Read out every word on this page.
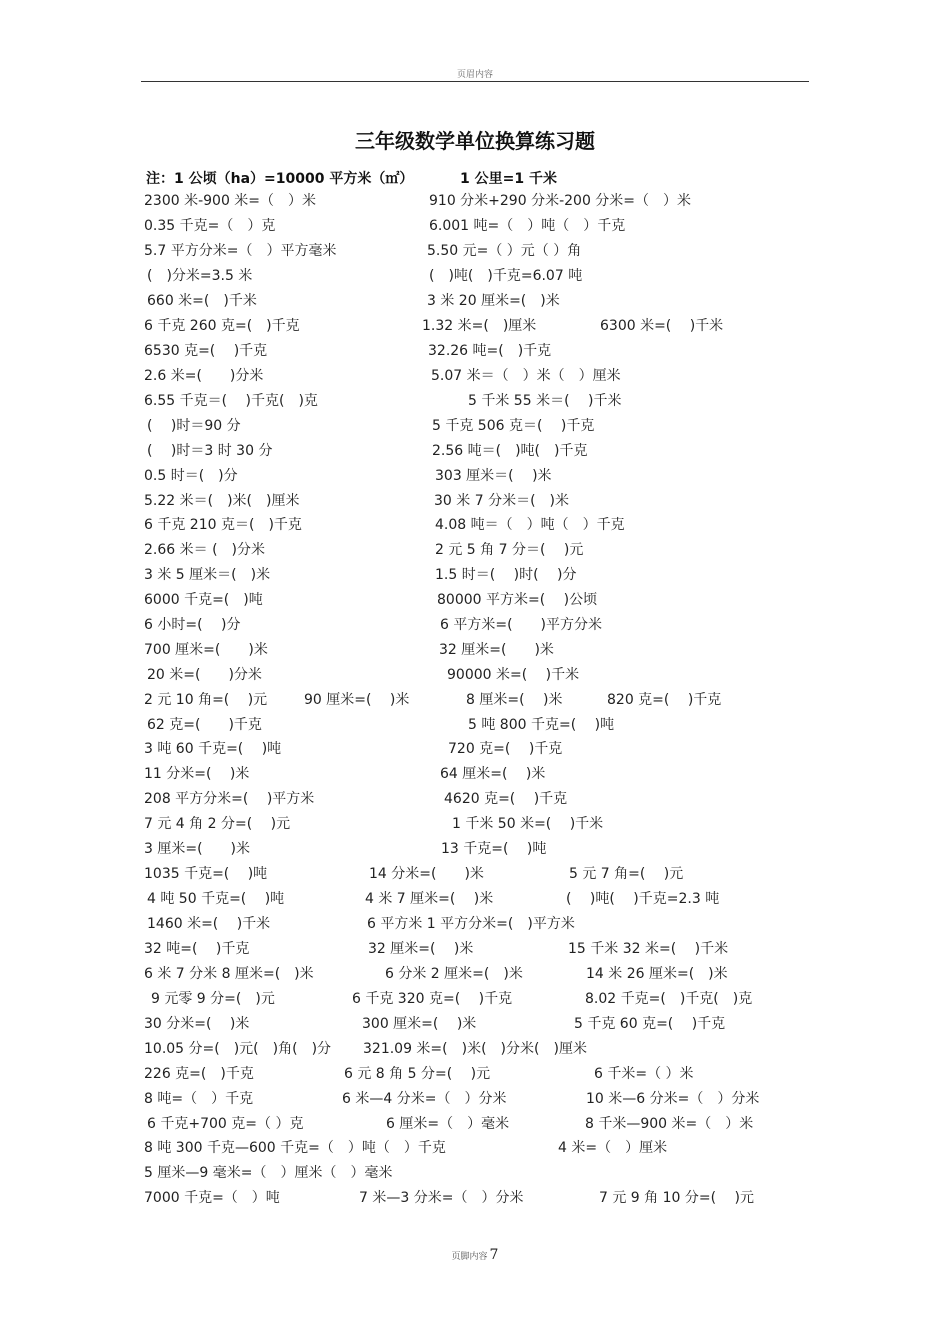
页眉内容
三年级数学单位换算练习题

注：1 公顷（ha）=10000 平方米（㎡）

	1 公里=1 千米

2300 米-900 米=（　）米	910 分米+290 分米-200 分米=（　）米
0.35 千克=（　）克	6.001 吨=（　）吨（　）千克
5.7 平方分米=（　）平方毫米	5.50 元=（ ）元（ ）角
(　)分米=3.5 米	(　)吨(　)千克=6.07 吨
660 米=(　)千米	3 米 20 厘米=(　)米
6 千克 260 克=(　)千克	1.32 米=(　)厘米	6300 米=(　 )千米
6530 克=(　 )千克	32.26 吨=(　)千克
2.6 米=(　　)分米	5.07 米＝（　）米（　）厘米
6.55 千克＝(　 )千克(　)克	5 千米 55 米＝(　 )千米
(　 )时＝90 分	5 千克 506 克＝(　 )千克
(　 )时＝3 时 30 分	2.56 吨＝(　)吨(　)千克
0.5 时＝(　)分	303 厘米＝(　 )米
5.22 米＝(　)米(　)厘米	30 米 7 分米＝(　)米
6 千克 210 克＝(　)千克	4.08 吨＝（　）吨（　）千克
2.66 米＝ (　)分米	2 元 5 角 7 分＝(　 )元
3 米 5 厘米＝(　)米	1.5 时＝(　 )时(　 )分
6000 千克=(　)吨	80000 平方米=(　 )公顷
6 小时=(　 )分	6 平方米=(　　)平方分米
700 厘米=(　　)米	32 厘米=(　　)米
20 米=(　　)分米	90000 米=(　 )千米
2 元 10 角=(　 )元	90 厘米=(　 )米	8 厘米=(　 )米	820 克=(　 )千克
62 克=(　　)千克	5 吨 800 千克=(　 )吨
3 吨 60 千克=(　 )吨	720 克=(　 )千克
11 分米=(　 )米	64 厘米=(　 )米
208 平方分米=(　 )平方米	4620 克=(　 )千克
7 元 4 角 2 分=(　 )元	1 千米 50 米=(　 )千米
3 厘米=(　　)米	13 千克=(　 )吨
1035 千克=(　 )吨	14 分米=(　　)米	5 元 7 角=(　 )元
4 吨 50 千克=(　 )吨	4 米 7 厘米=(　 )米	(　 )吨(　 )千克=2.3 吨
1460 米=(　 )千米	6 平方米 1 平方分米=(　)平方米
32 吨=(　 )千克	32 厘米=(　 )米	15 千米 32 米=(　 )千米
6 米 7 分米 8 厘米=(　)米	6 分米 2 厘米=(　)米	14 米 26 厘米=(　)米
9 元零 9 分=(　)元	6 千克 320 克=(　 )千克	8.02 千克=(　)千克(　)克
30 分米=(　 )米	300 厘米=(　 )米	5 千克 60 克=(　 )千克
10.05 分=(　)元(　)角(　)分 321.09 米=(　)米(　)分米(　)厘米
226 克=(　)千克	6 元 8 角 5 分=(　 )元	6 千米=（ ）米
8 吨=（　）千克	6 米—4 分米=（　）分米	10 米—6 分米=（　）分米
6 千克+700 克=（ ）克	6 厘米=（　）毫米	8 千米—900 米=（　）米
8 吨 300 千克—600 千克=（　）吨（　）千克	4 米=（　）厘米
5 厘米—9 毫米=（　）厘米（　）毫米
7000 千克=（　）吨	7 米—3 分米=（　）分米	7 元 9 角 10 分=(　 )元
页脚内容 7
